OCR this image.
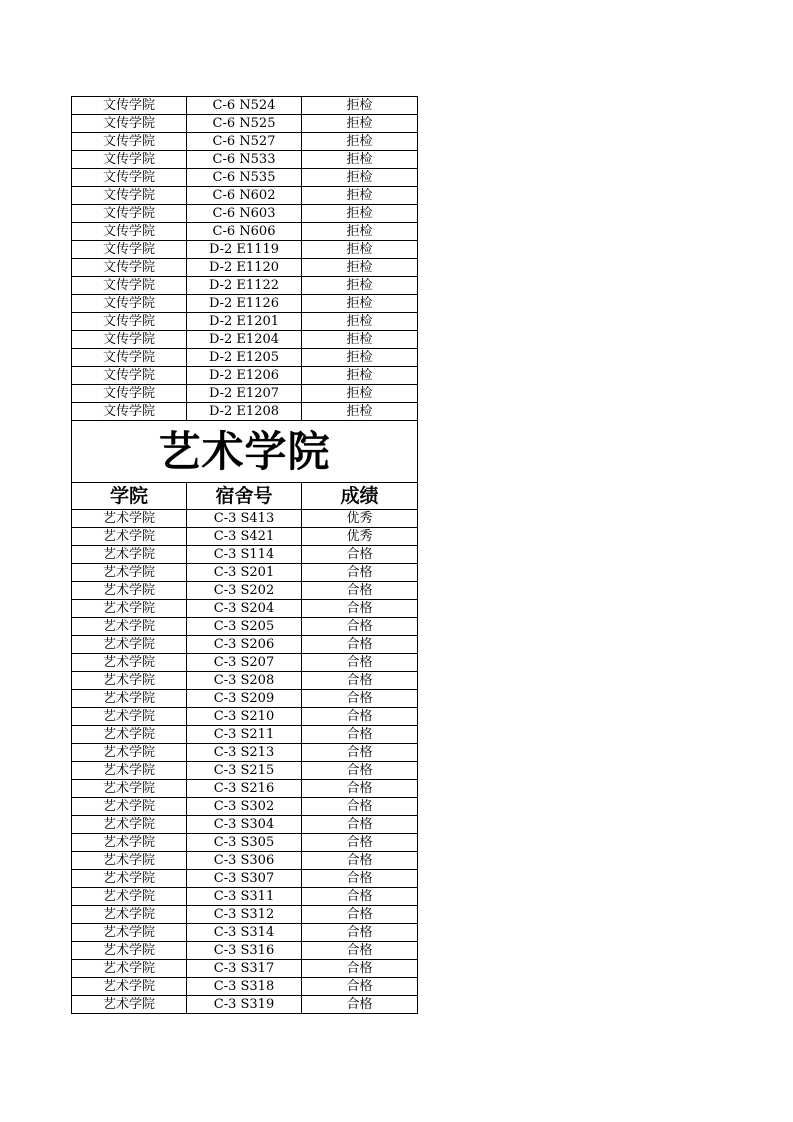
文传学院	C-6 N524	拒检
文传学院	C-6 N525	拒检
文传学院	C-6 N527	拒检
文传学院	C-6 N533	拒检
文传学院	C-6 N535	拒检
文传学院	C-6 N602	拒检
文传学院	C-6 N603	拒检
文传学院	C-6 N606	拒检
文传学院	D-2 E1119	拒检
文传学院	D-2 E1120	拒检
文传学院	D-2 E1122	拒检
文传学院	D-2 E1126	拒检
文传学院	D-2 E1201	拒检
文传学院	D-2 E1204	拒检
文传学院	D-2 E1205	拒检
文传学院	D-2 E1206	拒检
文传学院	D-2 E1207	拒检
文传学院	D-2 E1208	拒检
艺术学院		
学院	宿舍号	成绩
艺术学院	C-3 S413	优秀
艺术学院	C-3 S421	优秀
艺术学院	C-3 S114	合格
艺术学院	C-3 S201	合格
艺术学院	C-3 S202	合格
艺术学院	C-3 S204	合格
艺术学院	C-3 S205	合格
艺术学院	C-3 S206	合格
艺术学院	C-3 S207	合格
艺术学院	C-3 S208	合格
艺术学院	C-3 S209	合格
艺术学院	C-3 S210	合格
艺术学院	C-3 S211	合格
艺术学院	C-3 S213	合格
艺术学院	C-3 S215	合格
艺术学院	C-3 S216	合格
艺术学院	C-3 S302	合格
艺术学院	C-3 S304	合格
艺术学院	C-3 S305	合格
艺术学院	C-3 S306	合格
艺术学院	C-3 S307	合格
艺术学院	C-3 S311	合格
艺术学院	C-3 S312	合格
艺术学院	C-3 S314	合格
艺术学院	C-3 S316	合格
艺术学院	C-3 S317	合格
艺术学院	C-3 S318	合格
艺术学院	C-3 S319	合格
